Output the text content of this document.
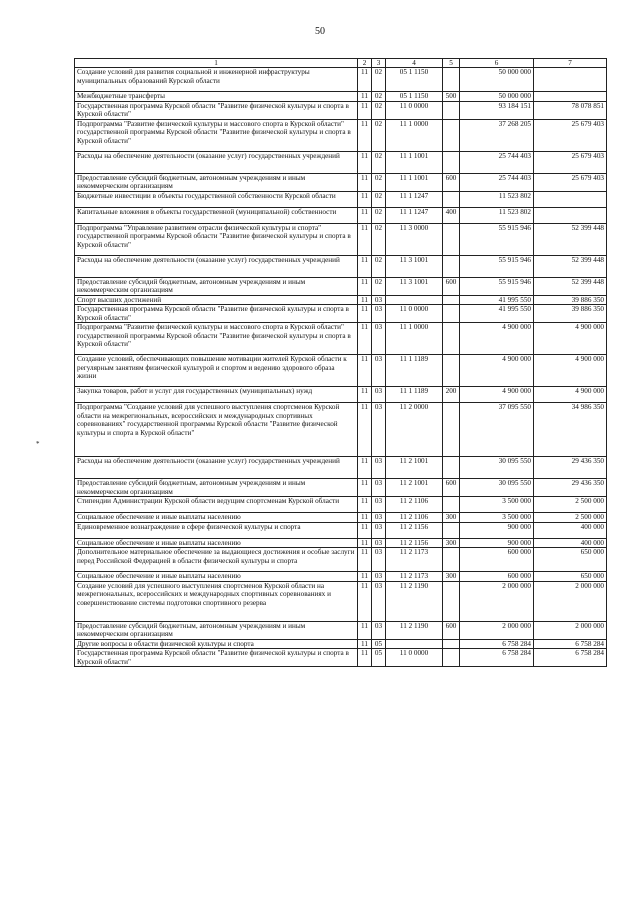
50
*
1	2	3	4	5	6	7
Создание условий для развития социальной и инженерной инфраструктуры муниципальных образований Курской области	11	02	05 1 1150		50 000 000	
Межбюджетные трансферты	11	02	05 1 1150	500	50 000 000	
Государственная программа Курской области "Развитие физической культуры и спорта в Курской области"	11	02	11 0 0000		93 184 151	78 078 851
Подпрограмма "Развитие физической культуры и массового спорта в Курской области" государственной программы Курской области "Развитие физической культуры и спорта в Курской области"	11	02	11 1 0000		37 268 205	25 679 403
Расходы на обеспечение деятельности (оказание услуг) государственных учреждений	11	02	11 1 1001		25 744 403	25 679 403
Предоставление субсидий бюджетным, автономным учреждениям и иным некоммерческим организациям	11	02	11 1 1001	600	25 744 403	25 679 403
Бюджетные инвестиции в объекты государственной собственности Курской области	11	02	11 1 1247		11 523 802	
Капитальные вложения в объекты государственной (муниципальной) собственности	11	02	11 1 1247	400	11 523 802	
Подпрограмма "Управление развитием отрасли физической культуры и спорта" государственной программы Курской области "Развитие физической культуры и спорта в Курской области"	11	02	11 3 0000		55 915 946	52 399 448
Расходы на обеспечение деятельности (оказание услуг) государственных учреждений	11	02	11 3 1001		55 915 946	52 399 448
Предоставление субсидий бюджетным, автономным учреждениям и иным некоммерческим организациям	11	02	11 3 1001	600	55 915 946	52 399 448
Спорт высших достижений	11	03			41 995 550	39 886 350
Государственная программа Курской области "Развитие физической культуры и спорта в Курской области"	11	03	11 0 0000		41 995 550	39 886 350
Подпрограмма "Развитие физической культуры и массового спорта в Курской области" государственной программы Курской области "Развитие физической культуры и спорта в Курской области"	11	03	11 1 0000		4 900 000	4 900 000
Создание условий, обеспечивающих повышение мотивации жителей Курской области к регулярным занятиям физической культурой и спортом и ведению здорового образа жизни	11	03	11 1 1189		4 900 000	4 900 000
Закупка товаров, работ и услуг для государственных (муниципальных) нужд	11	03	11 1 1189	200	4 900 000	4 900 000
Подпрограмма "Создание условий для успешного выступления спортсменов Курской области на межрегиональных, всероссийских и международных спортивных соревнованиях" государственной программы Курской области "Развитие физической культуры и спорта в Курской области"	11	03	11 2 0000		37 095 550	34 986 350
Расходы на обеспечение деятельности (оказание услуг) государственных учреждений	11	03	11 2 1001		30 095 550	29 436 350
Предоставление субсидий бюджетным, автономным учреждениям и иным некоммерческим организациям	11	03	11 2 1001	600	30 095 550	29 436 350
Стипендии Администрации Курской области ведущим спортсменам Курской области	11	03	11 2 1106		3 500 000	2 500 000
Социальное обеспечение и иные выплаты населению	11	03	11 2 1106	300	3 500 000	2 500 000
Единовременное вознаграждение в сфере физической культуры и спорта	11	03	11 2 1156		900 000	400 000
Социальное обеспечение и иные выплаты населению	11	03	11 2 1156	300	900 000	400 000
Дополнительное материальное обеспечение за выдающиеся достижения и особые заслуги перед Российской Федерацией в области физической культуры и спорта	11	03	11 2 1173		600 000	650 000
Социальное обеспечение и иные выплаты населению	11	03	11 2 1173	300	600 000	650 000
Создание условий для успешного выступления спортсменов Курской области на межрегиональных, всероссийских и международных спортивных соревнованиях и совершенствование системы подготовки спортивного резерва	11	03	11 2 1190		2 000 000	2 000 000
Предоставление субсидий бюджетным, автономным учреждениям и иным некоммерческим организациям	11	03	11 2 1190	600	2 000 000	2 000 000
Другие вопросы в области физической культуры и спорта	11	05			6 758 284	6 758 284
Государственная программа Курской области "Развитие физической культуры и спорта в Курской области"	11	05	11 0 0000		6 758 284	6 758 284
